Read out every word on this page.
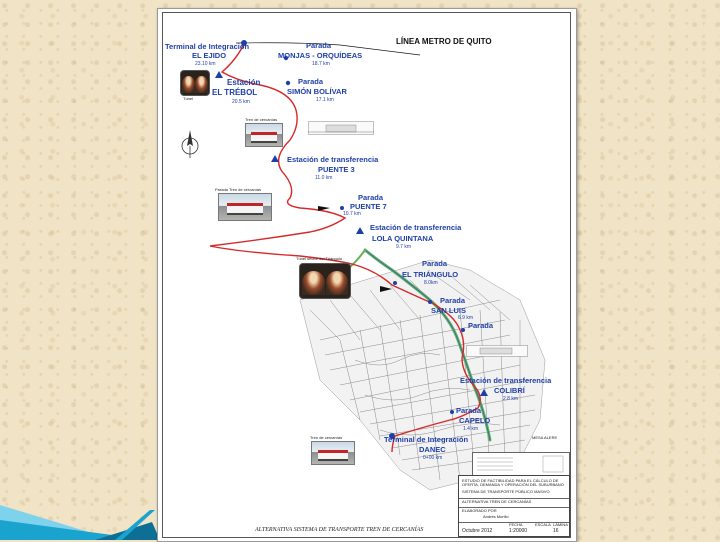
LÍNEA METRO DE QUITO
Terminal de Integración
EL EJIDO
23.10 km
Parada
MONJAS - ORQUÍDEAS
18.7 km
Estación
EL TRÉBOL
20.5 km
Parada
SIMÓN BOLÍVAR
17.1 km
Estación de transferencia
PUENTE 3
11.0 km
Parada
PUENTE 7
10.7 km
Estación de transferencia
LOLA QUINTANA
9.7 km
Parada
EL TRIÁNGULO
8.0km
Parada
SAN LUIS
6.9 km
Parada
Estación de transferencia
COLIBRÍ
2.8 km
Parada
CAPELO
1.4 km
Terminal de Integración
DANEC
0+00 km
Túnel
Tren de cercanías
Parada Tren de cercanías
Túnel sector del Triángulo
Tren de cercanías	MESA ALERE
ESTUDIO DE FACTIBILIDAD PARA EL CÁLCULO DE OFERTA, DEMANDA Y OPERACIÓN DEL SUBURBANO
SISTEMA DE TRANSPORTE PÚBLICO MASIVO
ALTERNATIVA TREN DE CERCANÍAS
ELABORADO POR
Andrés Murillo
FECHA	ESCALA LÁMINA
Octubre 2012	1:20000	16
ALTERNATIVA SISTEMA DE TRANSPORTE TREN DE CERCANÍAS
